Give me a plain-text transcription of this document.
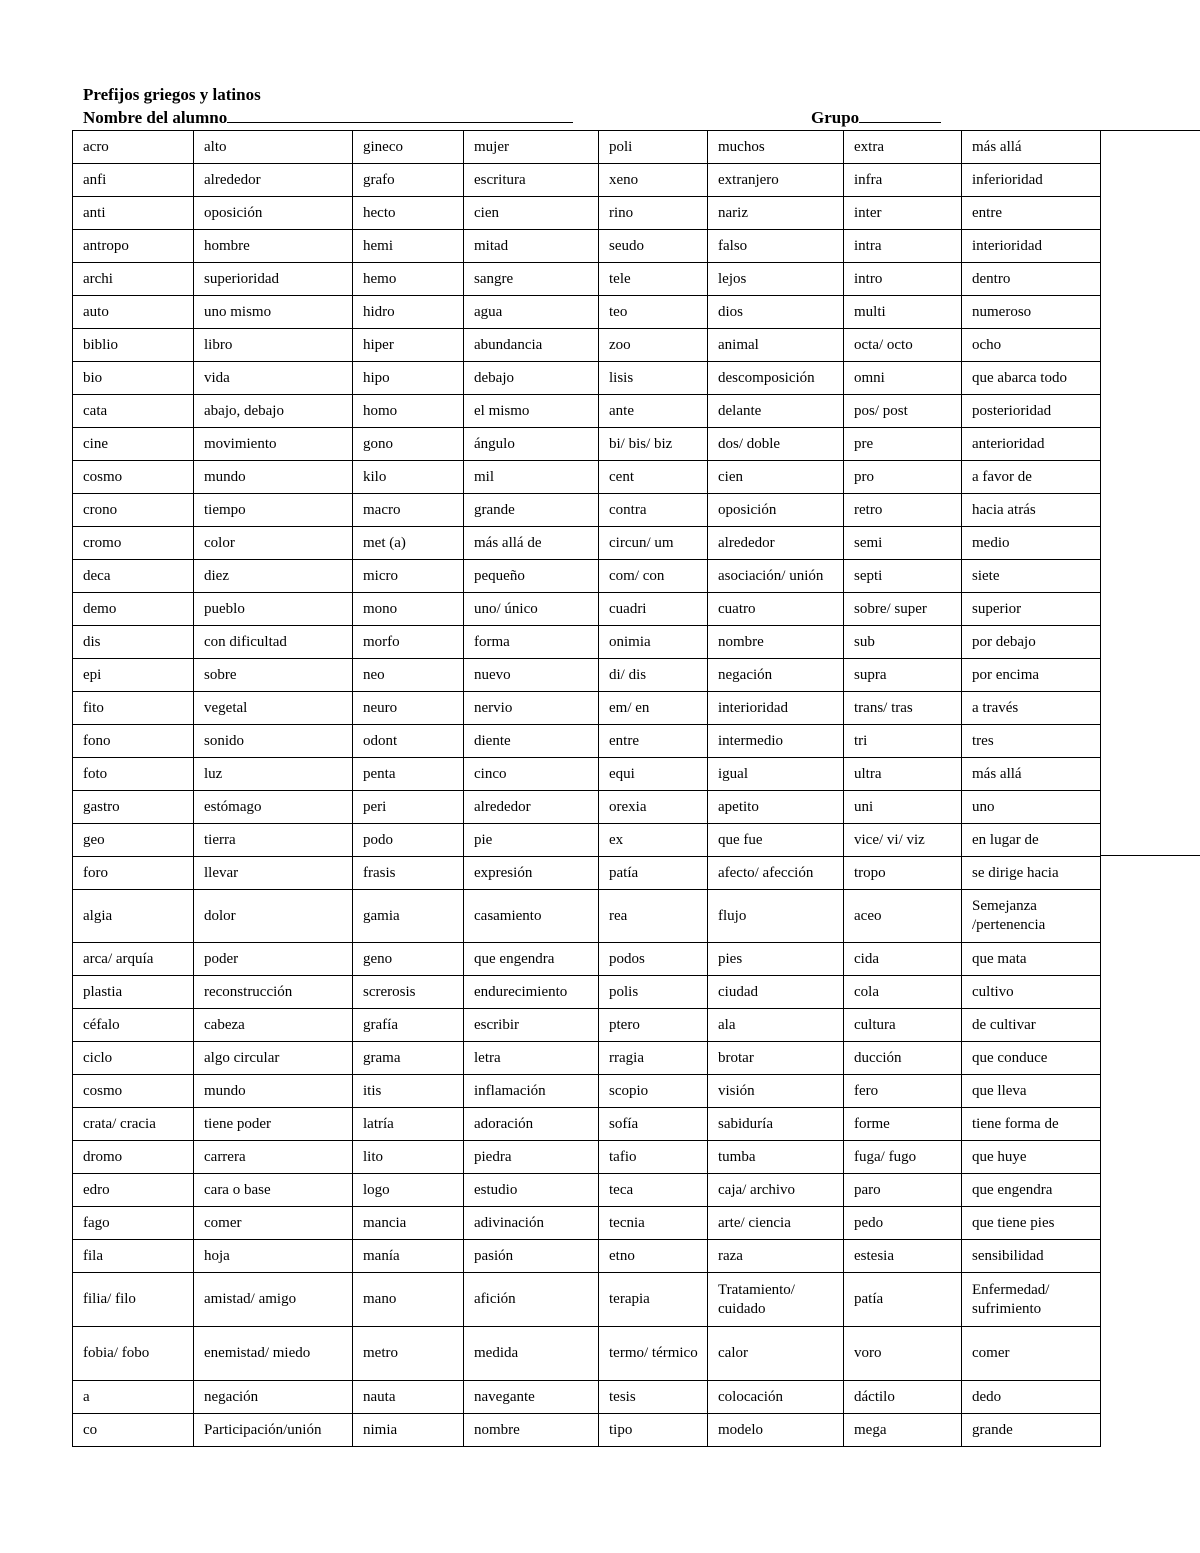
Prefijos griegos y latinos
Nombre del alumno	Grupo
acro	alto	gineco	mujer	poli	muchos	extra	más allá
anfi	alrededor	grafo	escritura	xeno	extranjero	infra	inferioridad
anti	oposición	hecto	cien	rino	nariz	inter	entre
antropo	hombre	hemi	mitad	seudo	falso	intra	interioridad
archi	superioridad	hemo	sangre	tele	lejos	intro	dentro
auto	uno mismo	hidro	agua	teo	dios	multi	numeroso
biblio	libro	hiper	abundancia	zoo	animal	octa/ octo	ocho
bio	vida	hipo	debajo	lisis	descomposición	omni	que abarca todo
cata	abajo, debajo	homo	el mismo	ante	delante	pos/ post	posterioridad
cine	movimiento	gono	ángulo	bi/ bis/ biz	dos/ doble	pre	anterioridad
cosmo	mundo	kilo	mil	cent	cien	pro	a favor de
crono	tiempo	macro	grande	contra	oposición	retro	hacia atrás
cromo	color	met (a)	más allá de	circun/ um	alrededor	semi	medio
deca	diez	micro	pequeño	com/ con	asociación/ unión	septi	siete
demo	pueblo	mono	uno/ único	cuadri	cuatro	sobre/ super	superior
dis	con dificultad	morfo	forma	onimia	nombre	sub	por debajo
epi	sobre	neo	nuevo	di/ dis	negación	supra	por encima
fito	vegetal	neuro	nervio	em/ en	interioridad	trans/ tras	a través
fono	sonido	odont	diente	entre	intermedio	tri	tres
foto	luz	penta	cinco	equi	igual	ultra	más allá
gastro	estómago	peri	alrededor	orexia	apetito	uni	uno
geo	tierra	podo	pie	ex	que fue	vice/ vi/ viz	en lugar de
foro	llevar	frasis	expresión	patía	afecto/ afección	tropo	se dirige hacia
algia	dolor	gamia	casamiento	rea	flujo	aceo	Semejanza /pertenencia
arca/ arquía	poder	geno	que engendra	podos	pies	cida	que mata
plastia	reconstrucción	screrosis	endurecimiento	polis	ciudad	cola	cultivo
céfalo	cabeza	grafía	escribir	ptero	ala	cultura	de cultivar
ciclo	algo circular	grama	letra	rragia	brotar	ducción	que conduce
cosmo	mundo	itis	inflamación	scopio	visión	fero	que lleva
crata/ cracia	tiene poder	latría	adoración	sofía	sabiduría	forme	tiene forma de
dromo	carrera	lito	piedra	tafio	tumba	fuga/ fugo	que huye
edro	cara o base	logo	estudio	teca	caja/ archivo	paro	que engendra
fago	comer	mancia	adivinación	tecnia	arte/ ciencia	pedo	que tiene pies
fila	hoja	manía	pasión	etno	raza	estesia	sensibilidad
filia/ filo	amistad/ amigo	mano	afición	terapia	Tratamiento/ cuidado	patía	Enfermedad/ sufrimiento
fobia/ fobo	enemistad/ miedo	metro	medida	termo/ térmico	calor	voro	comer
a	negación	nauta	navegante	tesis	colocación	dáctilo	dedo
co	Participación/unión	nimia	nombre	tipo	modelo	mega	grande
